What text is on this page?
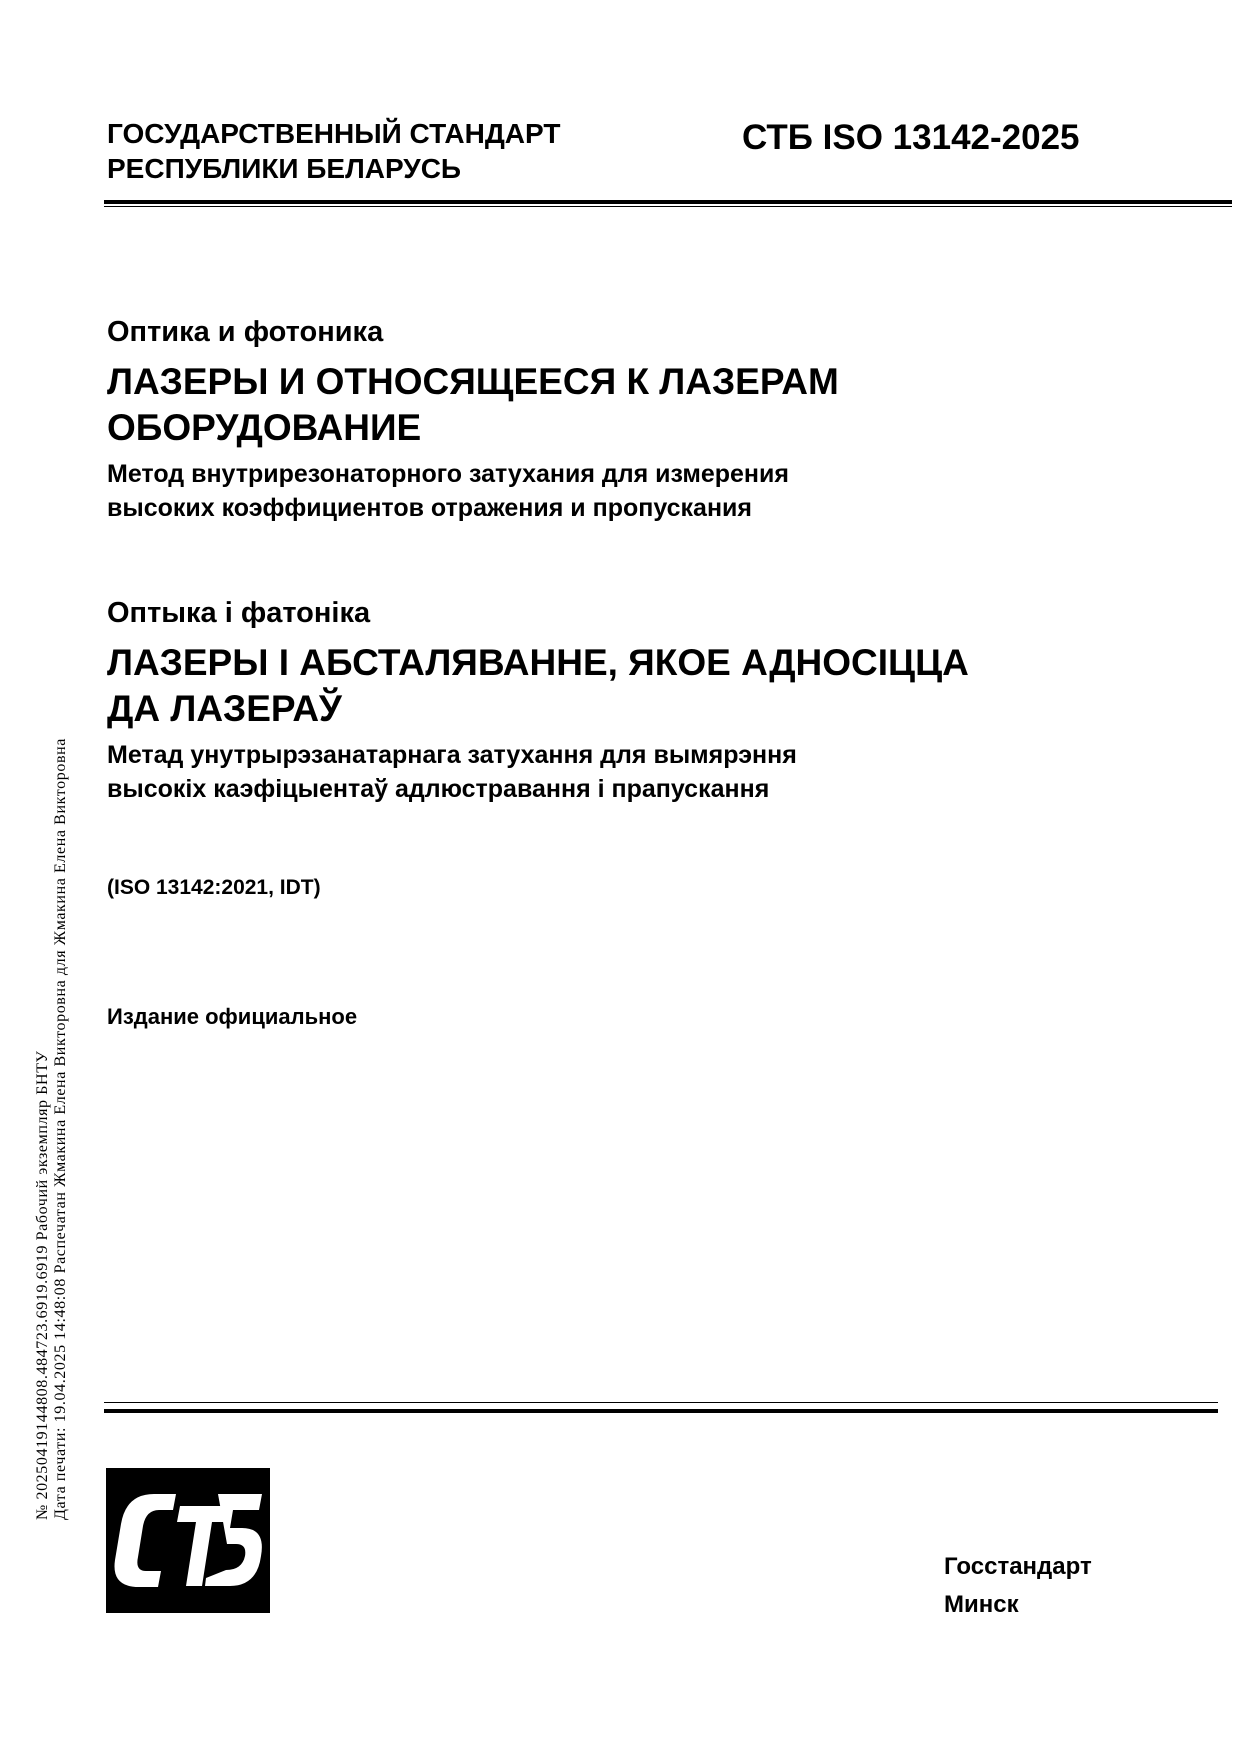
ГОСУДАРСТВЕННЫЙ СТАНДАРТ
РЕСПУБЛИКИ БЕЛАРУСЬ
СТБ ISO 13142-2025

Оптика и фотоника

ЛАЗЕРЫ И ОТНОСЯЩЕЕСЯ К ЛАЗЕРАМ

ОБОРУДОВАНИЕ

Метод внутрирезонаторного затухания для измерения

высоких коэффициентов отражения и пропускания

Оптыка і фатоніка

ЛАЗЕРЫ І АБСТАЛЯВАННЕ, ЯКОЕ АДНОСІЦЦА

ДА ЛАЗЕРАЎ

Метад унутрырэзанатарнага затухання для вымярэння

высокіх каэфіцыентаў адлюстравання і прапускання

(ISO 13142:2021, IDT)
Издание официальное
№ 20250419144808.484723.6919.6919 Рабочий экземпляр БНТУ Дата печати: 19.04.2025 14:48:08 Распечатан Жмакина Елена Викторовна для Жмакина Елена Викторовна
Госстандарт
Минск
